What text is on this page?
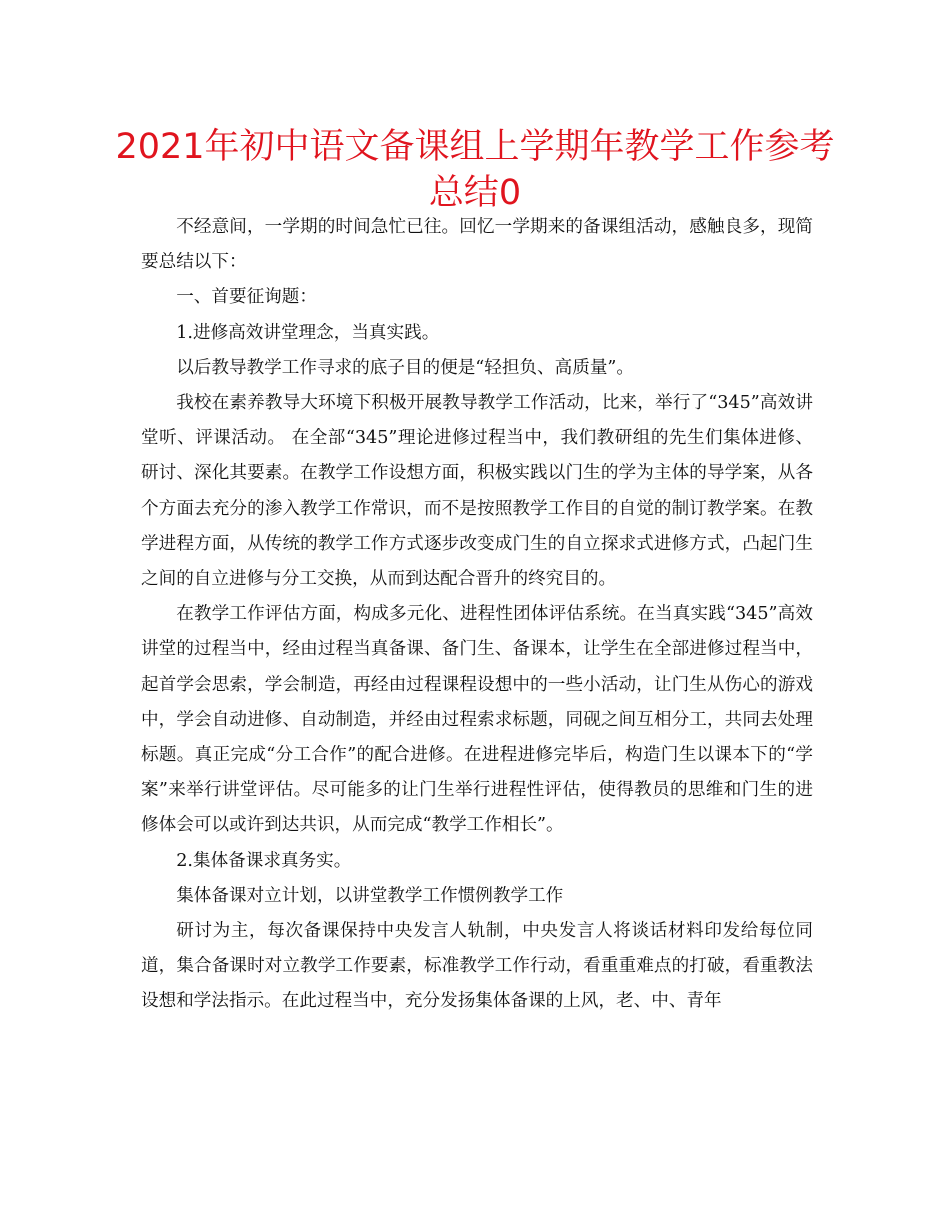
2021年初中语文备课组上学期年教学工作参考
总结0

不经意间，一学期的时间急忙已往。回忆一学期来的备课组活动，感触良多，现简要总结以下：

一、首要征询题：

1.进修高效讲堂理念，当真实践。

以后教导教学工作寻求的底子目的便是“轻担负、高质量”。

我校在素养教导大环境下积极开展教导教学工作活动，比来，举行了“345”高效讲堂听、评课活动。 在全部“345”理论进修过程当中，我们教研组的先生们集体进修、研讨、深化其要素。在教学工作设想方面，积极实践以门生的学为主体的导学案，从各个方面去充分的渗入教学工作常识，而不是按照教学工作目的自觉的制订教学案。在教学进程方面，从传统的教学工作方式逐步改变成门生的自立探求式进修方式，凸起门生之间的自立进修与分工交换，从而到达配合晋升的终究目的。

在教学工作评估方面，构成多元化、进程性团体评估系统。在当真实践“345”高效讲堂的过程当中，经由过程当真备课、备门生、备课本，让学生在全部进修过程当中，起首学会思索，学会制造，再经由过程课程设想中的一些小活动，让门生从伤心的游戏中，学会自动进修、自动制造，并经由过程索求标题，同砚之间互相分工，共同去处理标题。真正完成“分工合作”的配合进修。在进程进修完毕后，构造门生以课本下的“学案”来举行讲堂评估。尽可能多的让门生举行进程性评估，使得教员的思维和门生的进修体会可以或许到达共识，从而完成“教学工作相长”。

2.集体备课求真务实。

集体备课对立计划，以讲堂教学工作惯例教学工作

研讨为主，每次备课保持中央发言人轨制，中央发言人将谈话材料印发给每位同道，集合备课时对立教学工作要素，标准教学工作行动，看重重难点的打破，看重教法设想和学法指示。在此过程当中，充分发扬集体备课的上风，老、中、青年
